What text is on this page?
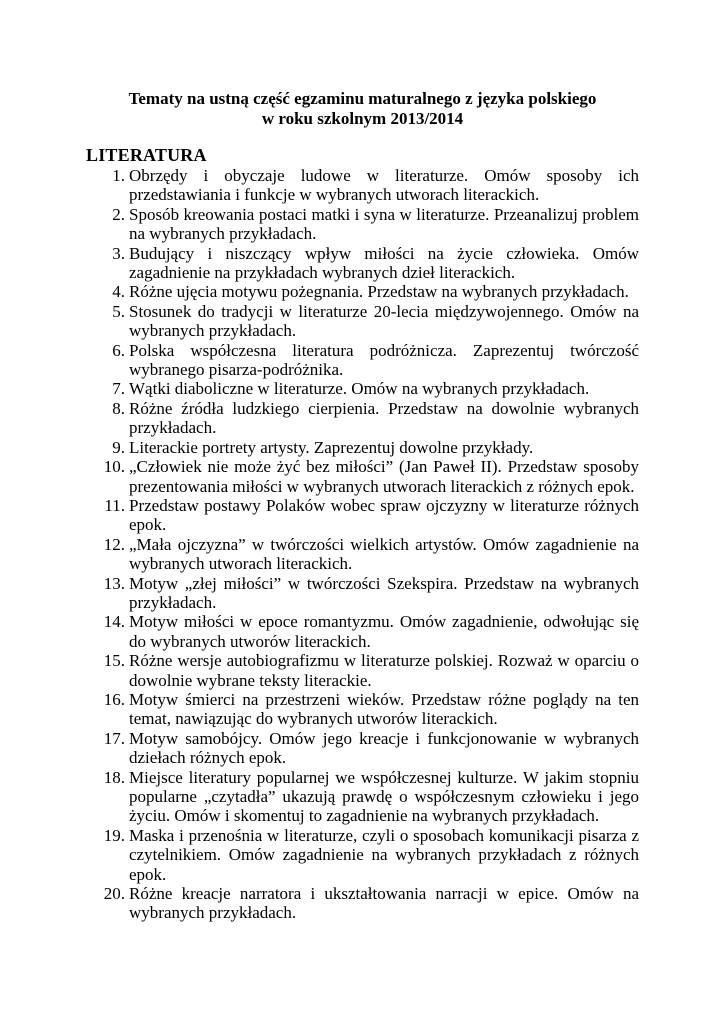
Tematy na ustną część egzaminu maturalnego z języka polskiego
w roku szkolnym 2013/2014
LITERATURA
1. Obrzędy i obyczaje ludowe w literaturze. Omów sposoby ich przedstawiania i funkcje w wybranych utworach literackich.
2. Sposób kreowania postaci matki i syna w literaturze. Przeanalizuj problem na wybranych przykładach.
3. Budujący i niszczący wpływ miłości na życie człowieka. Omów zagadnienie na przykładach wybranych dzieł literackich.
4. Różne ujęcia motywu pożegnania. Przedstaw na wybranych przykładach.
5. Stosunek do tradycji w literaturze 20-lecia międzywojennego. Omów na wybranych przykładach.
6. Polska współczesna literatura podróżnicza. Zaprezentuj twórczość wybranego pisarza-podróżnika.
7. Wątki diaboliczne w literaturze. Omów na wybranych przykładach.
8. Różne źródła ludzkiego cierpienia. Przedstaw na dowolnie wybranych przykładach.
9. Literackie portrety artysty. Zaprezentuj dowolne przykłady.
10. „Człowiek nie może żyć bez miłości” (Jan Paweł II). Przedstaw sposoby prezentowania miłości w wybranych utworach literackich z różnych epok.
11. Przedstaw postawy Polaków wobec spraw ojczyzny w literaturze różnych epok.
12. „Mała ojczyzna” w twórczości wielkich artystów. Omów zagadnienie na wybranych utworach literackich.
13. Motyw „złej miłości” w twórczości Szekspira. Przedstaw na wybranych przykładach.
14. Motyw miłości w epoce romantyzmu. Omów zagadnienie, odwołując się do wybranych utworów literackich.
15. Różne wersje autobiografizmu w literaturze polskiej. Rozważ w oparciu o dowolnie wybrane teksty literackie.
16. Motyw śmierci na przestrzeni wieków. Przedstaw różne poglądy na ten temat, nawiązując do wybranych utworów literackich.
17. Motyw samobójcy. Omów jego kreacje i funkcjonowanie w wybranych dziełach różnych epok.
18. Miejsce literatury popularnej we współczesnej kulturze. W jakim stopniu popularne „czytadła” ukazują prawdę o współczesnym człowieku i jego życiu. Omów i skomentuj to zagadnienie na wybranych przykładach.
19. Maska i przenośnia w literaturze, czyli o sposobach komunikacji pisarza z czytelnikiem. Omów zagadnienie na wybranych przykładach z różnych epok.
20. Różne kreacje narratora i ukształtowania narracji w epice. Omów na wybranych przykładach.
